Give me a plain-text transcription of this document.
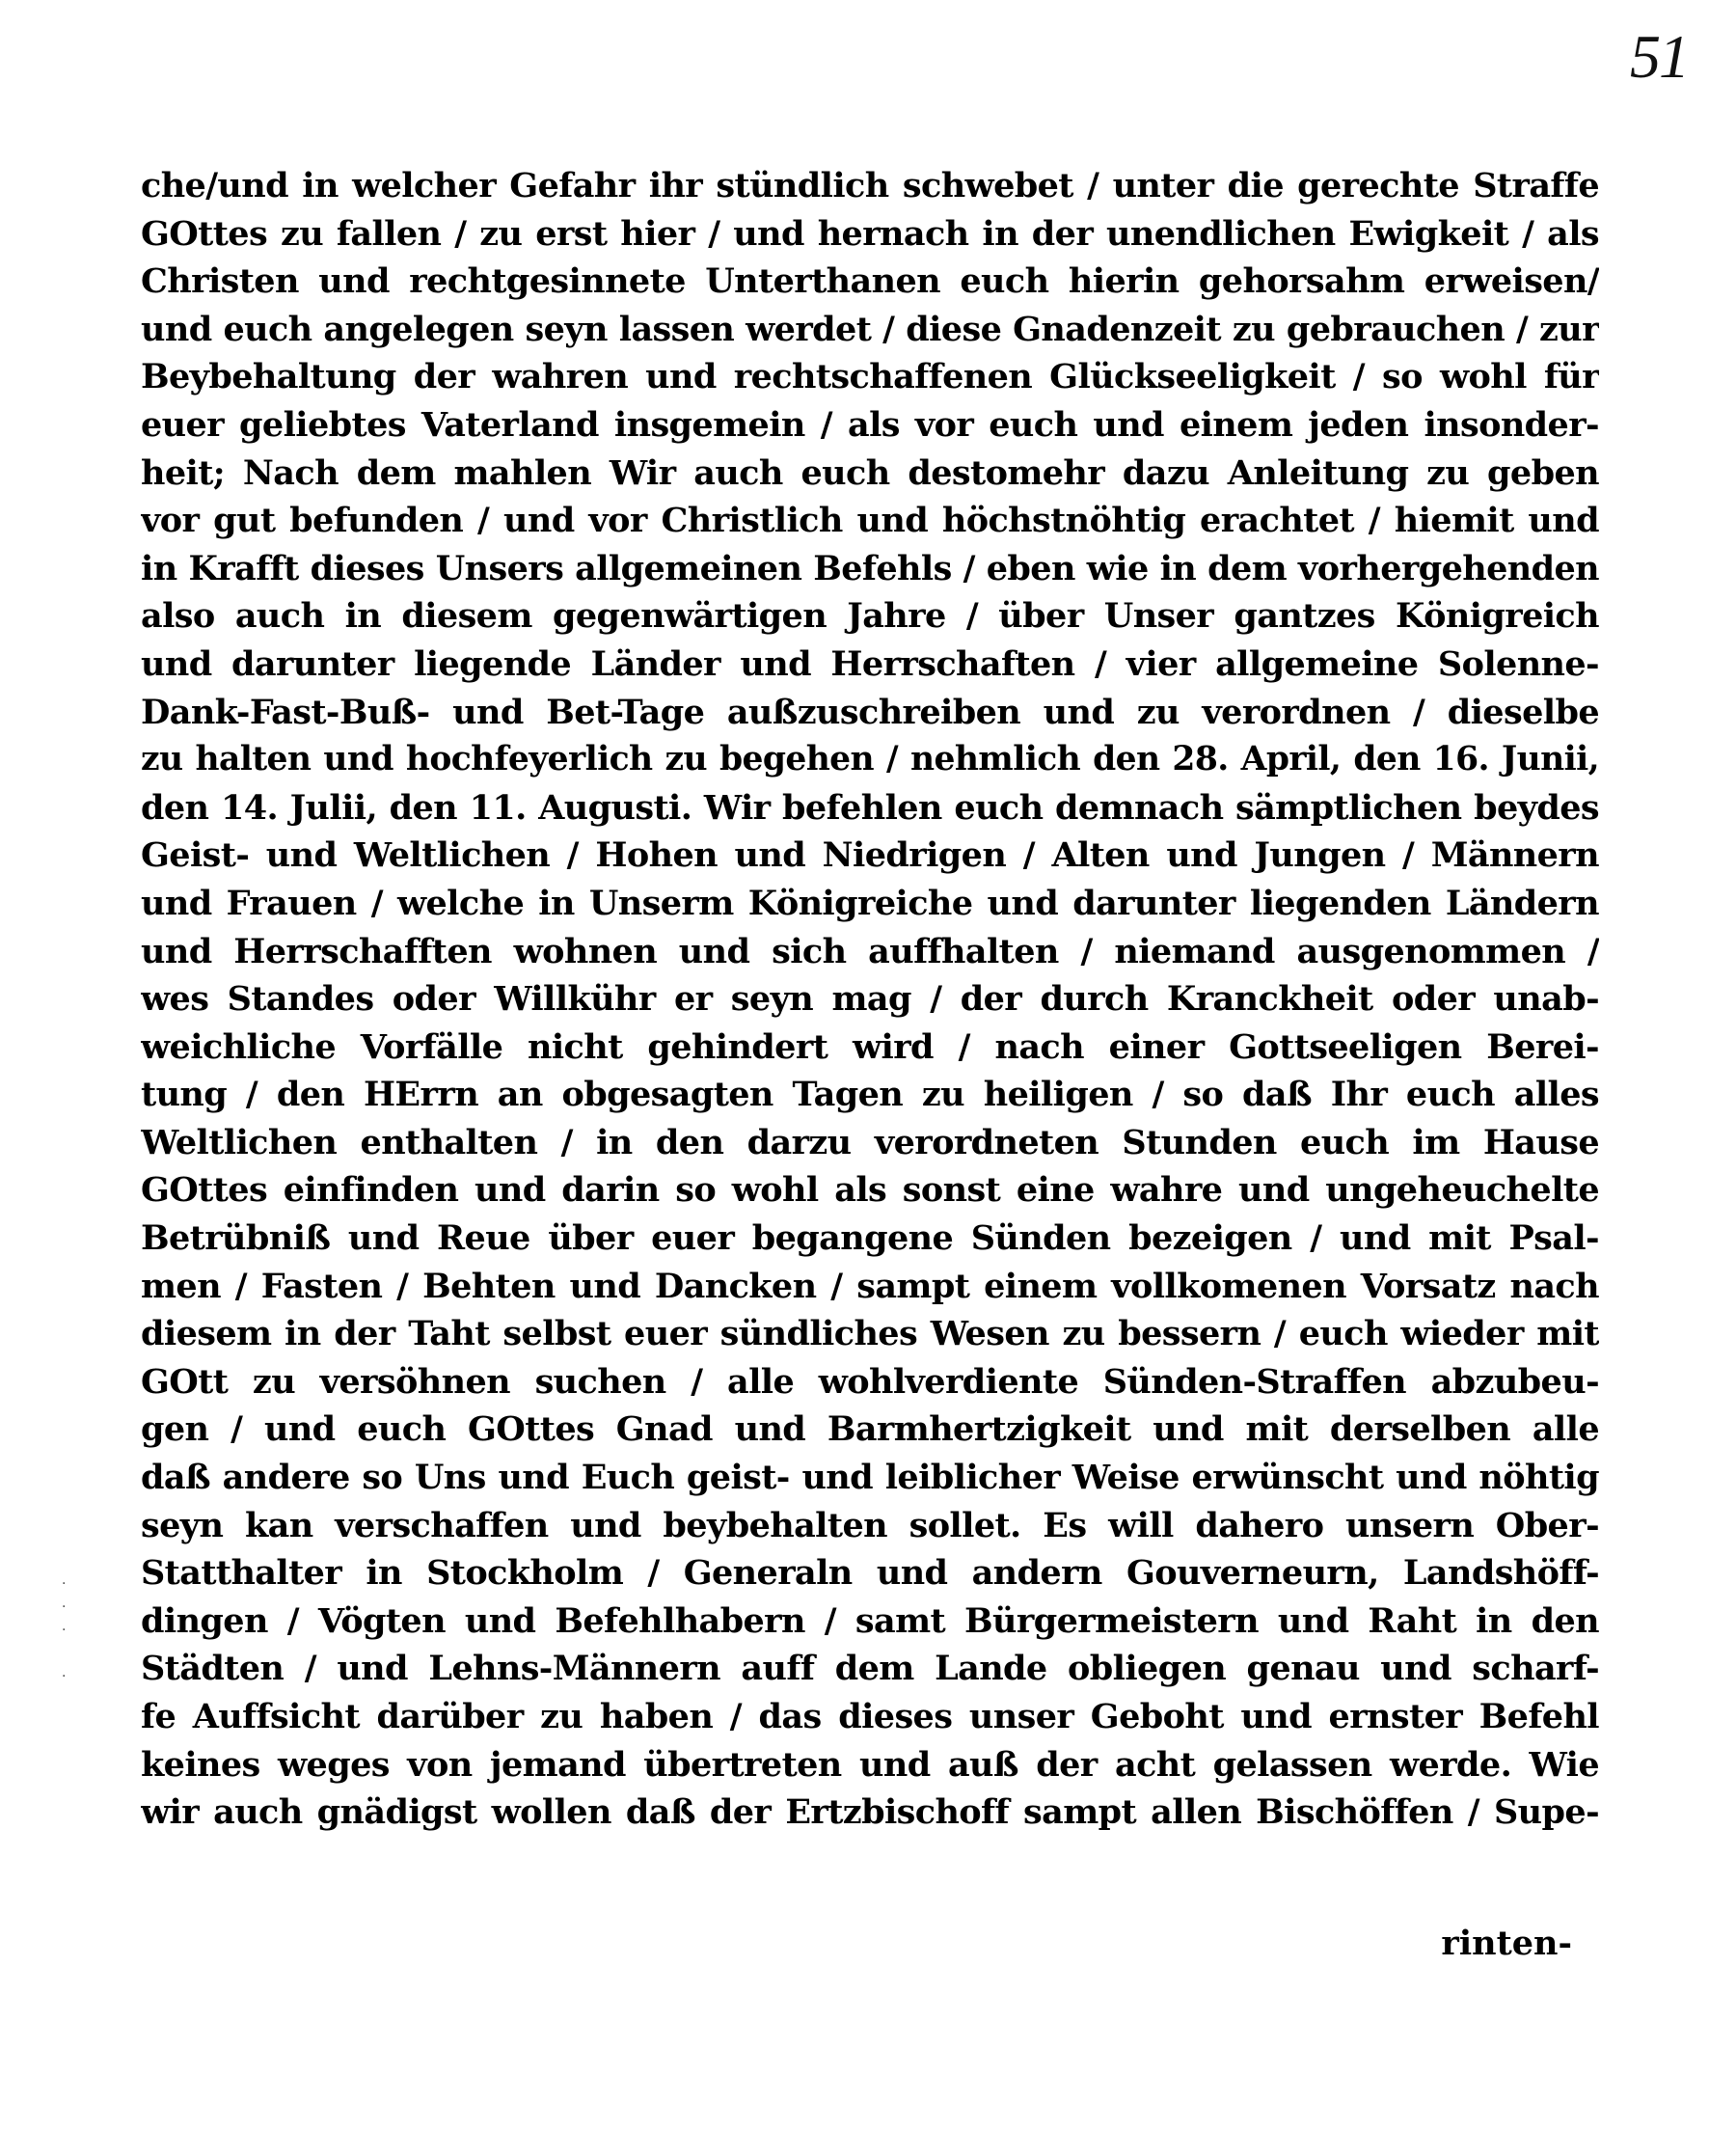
51
·
·
·

·
che/und in welcher Gefahr ihr stündlich schwebet / unter die gerechte Straffe
GOttes zu fallen / zu erst hier / und hernach in der unendlichen Ewigkeit / als
Christen und rechtgesinnete Unterthanen euch hierin gehorsahm erweisen/
und euch angelegen seyn lassen werdet / diese Gnadenzeit zu gebrauchen / zur
Beybehaltung der wahren und rechtschaffenen Glückseeligkeit / so wohl für
euer geliebtes Vaterland insgemein / als vor euch und einem jeden insonder-
heit; Nach dem mahlen Wir auch euch destomehr dazu Anleitung zu geben
vor gut befunden / und vor Christlich und höchstnöhtig erachtet / hiemit und
in Krafft dieses Unsers allgemeinen Befehls / eben wie in dem vorhergehenden
also auch in diesem gegenwärtigen Jahre / über Unser gantzes Königreich
und darunter liegende Länder und Herrschaften / vier allgemeine Solenne-
Dank-Fast-Buß- und Bet-Tage außzuschreiben und zu verordnen / dieselbe
zu halten und hochfeyerlich zu begehen / nehmlich den 28. April, den 16. Junii,
den 14. Julii, den 11. Augusti. Wir befehlen euch demnach sämptlichen beydes
Geist- und Weltlichen / Hohen und Niedrigen / Alten und Jungen / Männern
und Frauen / welche in Unserm Königreiche und darunter liegenden Ländern
und Herrschafften wohnen und sich auffhalten / niemand ausgenommen /
wes Standes oder Willkühr er seyn mag / der durch Kranckheit oder unab-
weichliche Vorfälle nicht gehindert wird / nach einer Gottseeligen Berei-
tung / den HErrn an obgesagten Tagen zu heiligen / so daß Ihr euch alles
Weltlichen enthalten / in den darzu verordneten Stunden euch im Hause
GOttes einfinden und darin so wohl als sonst eine wahre und ungeheuchelte
Betrübniß und Reue über euer begangene Sünden bezeigen / und mit Psal-
men / Fasten / Behten und Dancken / sampt einem vollkomenen Vorsatz nach
diesem in der Taht selbst euer sündliches Wesen zu bessern / euch wieder mit
GOtt zu versöhnen suchen / alle wohlverdiente Sünden-Straffen abzubeu-
gen / und euch GOttes Gnad und Barmhertzigkeit und mit derselben alle
daß andere so Uns und Euch geist- und leiblicher Weise erwünscht und nöhtig
seyn kan verschaffen und beybehalten sollet. Es will dahero unsern Ober-
Statthalter in Stockholm / Generaln und andern Gouverneurn, Landshöff-
dingen / Vögten und Befehlhabern / samt Bürgermeistern und Raht in den
Städten / und Lehns-Männern auff dem Lande obliegen genau und scharf-
fe Auffsicht darüber zu haben / das dieses unser Geboht und ernster Befehl
keines weges von jemand übertreten und auß der acht gelassen werde. Wie
wir auch gnädigst wollen daß der Ertzbischoff sampt allen Bischöffen / Supe-
rinten-
